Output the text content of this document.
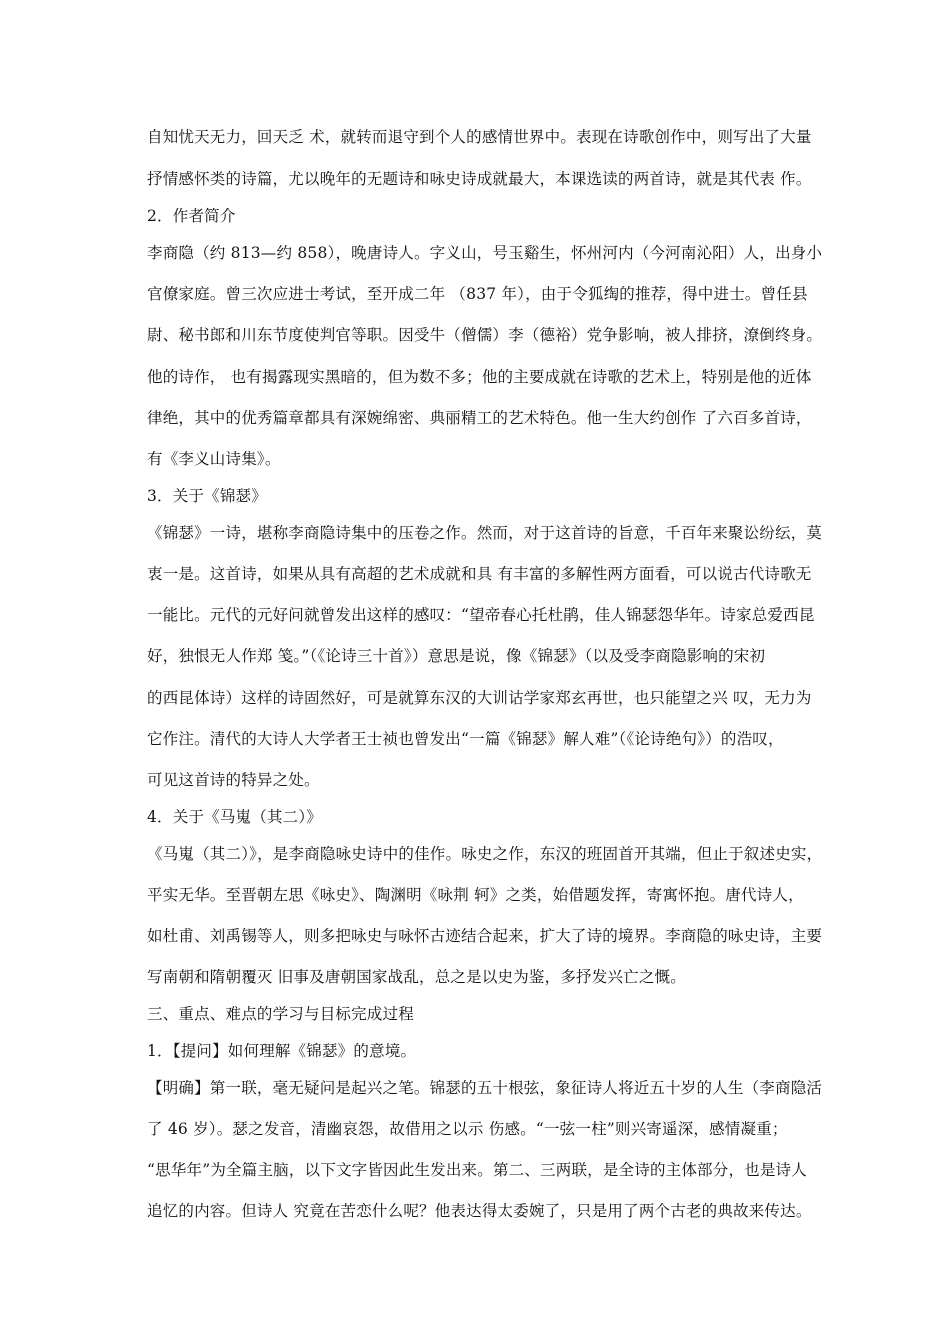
自知忧天无力，回天乏 术，就转而退守到个人的感情世界中。表现在诗歌创作中，则写出了大量
抒情感怀类的诗篇，尤以晚年的无题诗和咏史诗成就最大，本课选读的两首诗，就是其代表 作。
2．作者简介
李商隐（约 813—约 858），晚唐诗人。字义山，号玉谿生，怀州河内（今河南沁阳）人，出身小
官僚家庭。曾三次应进士考试，至开成二年 （837 年），由于令狐绹的推荐，得中进士。曾任县
尉、秘书郎和川东节度使判官等职。因受牛（僧儒）李（德裕）党争影响，被人排挤，潦倒终身。
他的诗作， 也有揭露现实黑暗的，但为数不多；他的主要成就在诗歌的艺术上，特别是他的近体
律绝，其中的优秀篇章都具有深婉绵密、典丽精工的艺术特色。他一生大约创作 了六百多首诗，
有《李义山诗集》。
3．关于《锦瑟》
《锦瑟》一诗，堪称李商隐诗集中的压卷之作。然而，对于这首诗的旨意，千百年来聚讼纷纭，莫
衷一是。这首诗，如果从具有高超的艺术成就和具 有丰富的多解性两方面看，可以说古代诗歌无
一能比。元代的元好问就曾发出这样的感叹：“望帝春心托杜鹃，佳人锦瑟怨华年。诗家总爱西昆
好，独恨无人作郑 笺。”（《论诗三十首》）意思是说，像《锦瑟》（以及受李商隐影响的宋初
的西昆体诗）这样的诗固然好，可是就算东汉的大训诂学家郑玄再世，也只能望之兴 叹，无力为
它作注。清代的大诗人大学者王士祯也曾发出“一篇《锦瑟》解人难”（《论诗绝句》）的浩叹，
可见这首诗的特异之处。
4．关于《马嵬（其二）》
《马嵬（其二）》，是李商隐咏史诗中的佳作。咏史之作，东汉的班固首开其端，但止于叙述史实，
平实无华。至晋朝左思《咏史》、陶渊明《咏荆 轲》之类，始借题发挥，寄寓怀抱。唐代诗人，
如杜甫、刘禹锡等人，则多把咏史与咏怀古迹结合起来，扩大了诗的境界。李商隐的咏史诗，主要
写南朝和隋朝覆灭 旧事及唐朝国家战乱，总之是以史为鉴，多抒发兴亡之慨。
三、重点、难点的学习与目标完成过程
1．【提问】如何理解《锦瑟》的意境。
【明确】第一联，毫无疑问是起兴之笔。锦瑟的五十根弦，象征诗人将近五十岁的人生（李商隐活
了 46 岁）。瑟之发音，清幽哀怨，故借用之以示 伤感。“一弦一柱”则兴寄遥深，感情凝重；
“思华年”为全篇主脑，以下文字皆因此生发出来。第二、三两联，是全诗的主体部分，也是诗人
追忆的内容。但诗人 究竟在苦恋什么呢？他表达得太委婉了，只是用了两个古老的典故来传达。
